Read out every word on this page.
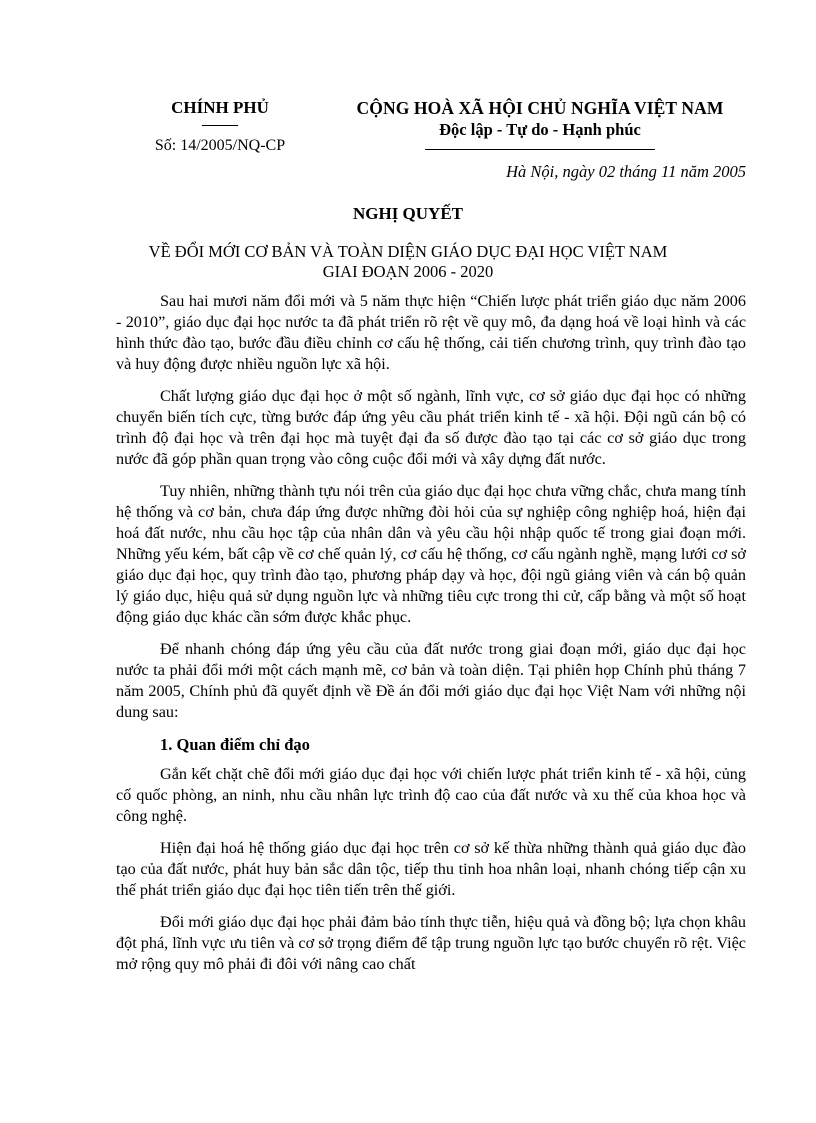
CHÍNH PHỦ
Số: 14/2005/NQ-CP
CỘNG HOÀ XÃ HỘI CHỦ NGHĨA VIỆT NAM
Độc lập - Tự do - Hạnh phúc
Hà Nội, ngày 02 tháng 11 năm 2005
NGHỊ QUYẾT
VỀ ĐỔI MỚI CƠ BẢN VÀ TOÀN DIỆN GIÁO DỤC ĐẠI HỌC VIỆT NAM
GIAI ĐOẠN 2006 - 2020

Sau hai mươi năm đổi mới và 5 năm thực hiện “Chiến lược phát triển giáo dục năm 2006 - 2010”, giáo dục đại học nước ta đã phát triển rõ rệt về quy mô, đa dạng hoá về loại hình và các hình thức đào tạo, bước đầu điều chỉnh cơ cấu hệ thống, cải tiến chương trình, quy trình đào tạo và huy động được nhiều nguồn lực xã hội.

Chất lượng giáo dục đại học ở một số ngành, lĩnh vực, cơ sở giáo dục đại học có những chuyển biến tích cực, từng bước đáp ứng yêu cầu phát triển kinh tế - xã hội. Đội ngũ cán bộ có trình độ đại học và trên đại học mà tuyệt đại đa số được đào tạo tại các cơ sở giáo dục trong nước đã góp phần quan trọng vào công cuộc đổi mới và xây dựng đất nước.

Tuy nhiên, những thành tựu nói trên của giáo dục đại học chưa vững chắc, chưa mang tính hệ thống và cơ bản, chưa đáp ứng được những đòi hỏi của sự nghiệp công nghiệp hoá, hiện đại hoá đất nước, nhu cầu học tập của nhân dân và yêu cầu hội nhập quốc tế trong giai đoạn mới. Những yếu kém, bất cập về cơ chế quản lý, cơ cấu hệ thống, cơ cấu ngành nghề, mạng lưới cơ sở giáo dục đại học, quy trình đào tạo, phương pháp dạy và học, đội ngũ giảng viên và cán bộ quản lý giáo dục, hiệu quả sử dụng nguồn lực và những tiêu cực trong thi cử, cấp bằng và một số hoạt động giáo dục khác cần sớm được khắc phục.

Để nhanh chóng đáp ứng yêu cầu của đất nước trong giai đoạn mới, giáo dục đại học nước ta phải đổi mới một cách mạnh mẽ, cơ bản và toàn diện. Tại phiên họp Chính phủ tháng 7 năm 2005, Chính phủ đã quyết định về Đề án đổi mới giáo dục đại học Việt Nam với những nội dung sau:

1. Quan điểm chỉ đạo

Gắn kết chặt chẽ đổi mới giáo dục đại học với chiến lược phát triển kinh tế - xã hội, củng cố quốc phòng, an ninh, nhu cầu nhân lực trình độ cao của đất nước và xu thế của khoa học và công nghệ.

Hiện đại hoá hệ thống giáo dục đại học trên cơ sở kế thừa những thành quả giáo dục đào tạo của đất nước, phát huy bản sắc dân tộc, tiếp thu tinh hoa nhân loại, nhanh chóng tiếp cận xu thế phát triển giáo dục đại học tiên tiến trên thế giới.

Đổi mới giáo dục đại học phải đảm bảo tính thực tiễn, hiệu quả và đồng bộ; lựa chọn khâu đột phá, lĩnh vực ưu tiên và cơ sở trọng điểm để tập trung nguồn lực tạo bước chuyển rõ rệt. Việc mở rộng quy mô phải đi đôi với nâng cao chất
